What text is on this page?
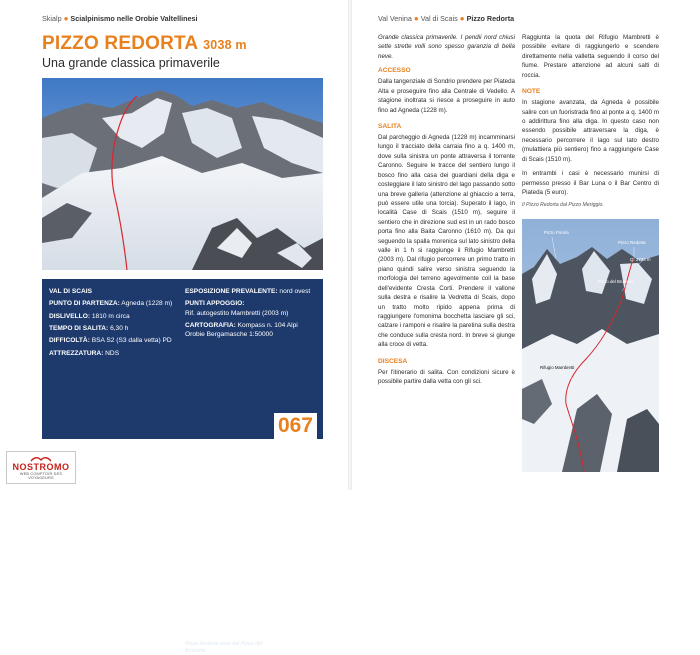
Skialp ● Scialpinismo nelle Orobie Valtellinesi
PIZZO REDORTA 3038 m
Una grande classica primaverile
VAL DI SCAIS
PUNTO DI PARTENZA: Agneda (1228 m)
DISLIVELLO: 1810 m circa
TEMPO DI SALITA: 6,30 h
DIFFICOLTÀ: BSA S2 (S3 dalla vetta) PD
ATTREZZATURA: NDS
ESPOSIZIONE PREVALENTE: nord ovest
PUNTI APPOGGIO:
Rif. autogestito Mambretti (2003 m)
CARTOGRAFIA: Kompass n. 104 Alpi Orobie Bergamasche 1:50000
Pizzo Redorta visto dal Pizzo del Brunone.
067
NOSTROMO
WEB COMPTOIR DES VOYAGEURS
Val Venina ● Val di Scais ● Pizzo Redorta

Grande classica primaverile. I pendii nord chiusi sette strette volli sono spesso garanzia di bella neve.

ACCESSO

Dalla tangenziale di Sondrio prendere per Piateda Alta e proseguire fino alla Centrale di Vedello. A stagione inoltrata si riesce a proseguire in auto fino ad Agneda (1228 m).

SALITA

Dal parcheggio di Agneda (1228 m) incamminarsi lungo il tracciato della carraia fino a q. 1400 m, dove sulla sinistra un ponte attraversa il torrente Caronno. Seguire le tracce del sentiero lungo il bosco fino alla casa dei guardiani della diga e costeggiare il lato sinistro del lago passando sotto una breve galleria (attenzione al ghiaccio a terra, può essere utile una torcia). Superato il lago, in località Case di Scais (1510 m), seguire il sentiero che in direzione sud est in un rado bosco porta fino alla Baita Caronno (1610 m). Da qui seguendo la spalla morenica sul lato sinistro della valle in 1 h si raggiunge il Rifugio Mambretti (2003 m). Dal rifugio percorrere un primo tratto in piano quindi salire verso sinistra seguendo la morfologia del terreno agevolmente coil la base dell'evidente Cresta Corti. Prendere il vallone sulla destra e risalire la Vedretta di Scais, dopo un tratto molto ripido appena prima di raggiungere l'omonima bocchetta lasciare gli sci, calzare i ramponi e risalire la paretina sulla destra che conduce sulla cresta nord. In breve si giunge alla croce di vetta.

DISCESA

Per l'itinerario di salita. Con condizioni sicure è possibile partire dalla vetta con gli sci.

Raggiunta la quota del Rifugio Mambretti è possibile evitare di raggiungerlo e scendere direttamente nella valletta seguendo il corso del fiume. Prestare attenzione ad alcuni salti di roccia.

NOTE

In stagione avanzata, da Agneda è possibile salire con un fuoristrada fino al ponte a q. 1400 m o addirittura fino alla diga. In questo caso non essendo possibile attraversare la diga, è necessario percorrere il lago sul lato destro (mulattiera più sentiero) fino a raggiungere Case di Scais (1510 m).

In entrambi i casi è necessario munirsi di permesso presso il Bar Luna o il Bar Centro di Piateda (5 euro).

Il Pizzo Redorta dal Pizzo Meriggio.
Pizzo Porola
Pizzo Redorta
Q. 2733 m
Pizzo del Brunone
Rifugio Mambretti
